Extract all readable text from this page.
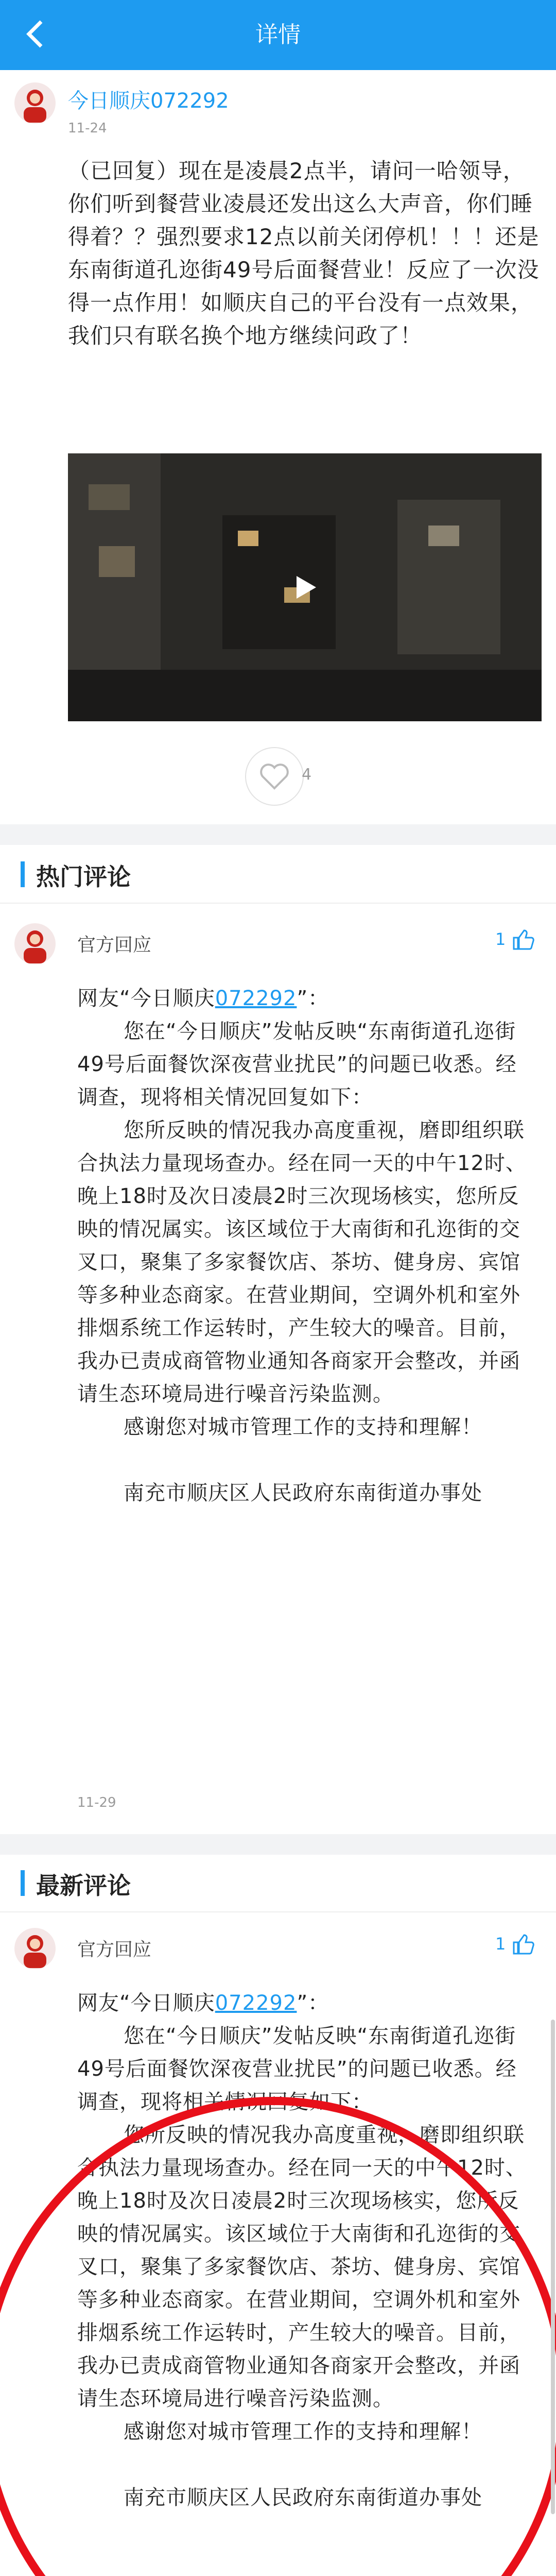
详情
今日顺庆072292
11-24
（已回复）现在是凌晨2点半，请问一哈领导，你们听到餐营业凌晨还发出这么大声音，你们睡得着？？强烈要求12点以前关闭停机！！！还是东南街道孔迩街49号后面餐营业！反应了一次没得一点作用！如顺庆自己的平台没有一点效果，我们只有联名换个地方继续问政了！
4
热门评论
官方回应	1

网友“今日顺庆072292”：

您在“今日顺庆”发帖反映“东南街道孔迩街49号后面餐饮深夜营业扰民”的问题已收悉。经调查，现将相关情况回复如下：

您所反映的情况我办高度重视，磨即组织联合执法力量现场查办。经在同一天的中午12时、晚上18时及次日凌晨2时三次现场核实，您所反映的情况属实。该区域位于大南街和孔迩街的交叉口，聚集了多家餐饮店、茶坊、健身房、宾馆等多种业态商家。在营业期间，空调外机和室外排烟系统工作运转时，产生较大的噪音。目前，我办已责成商管物业通知各商家开会整改，并函请生态环境局进行噪音污染监测。

感谢您对城市管理工作的支持和理解！

南充市顺庆区人民政府东南街道办事处

11-29
最新评论
官方回应	1

网友“今日顺庆072292”：

您在“今日顺庆”发帖反映“东南街道孔迩街49号后面餐饮深夜营业扰民”的问题已收悉。经调查，现将相关情况回复如下：

您所反映的情况我办高度重视，磨即组织联合执法力量现场查办。经在同一天的中午12时、晚上18时及次日凌晨2时三次现场核实，您所反映的情况属实。该区域位于大南街和孔迩街的交叉口，聚集了多家餐饮店、茶坊、健身房、宾馆等多种业态商家。在营业期间，空调外机和室外排烟系统工作运转时，产生较大的噪音。目前，我办已责成商管物业通知各商家开会整改，并函请生态环境局进行噪音污染监测。

感谢您对城市管理工作的支持和理解！

南充市顺庆区人民政府东南街道办事处
